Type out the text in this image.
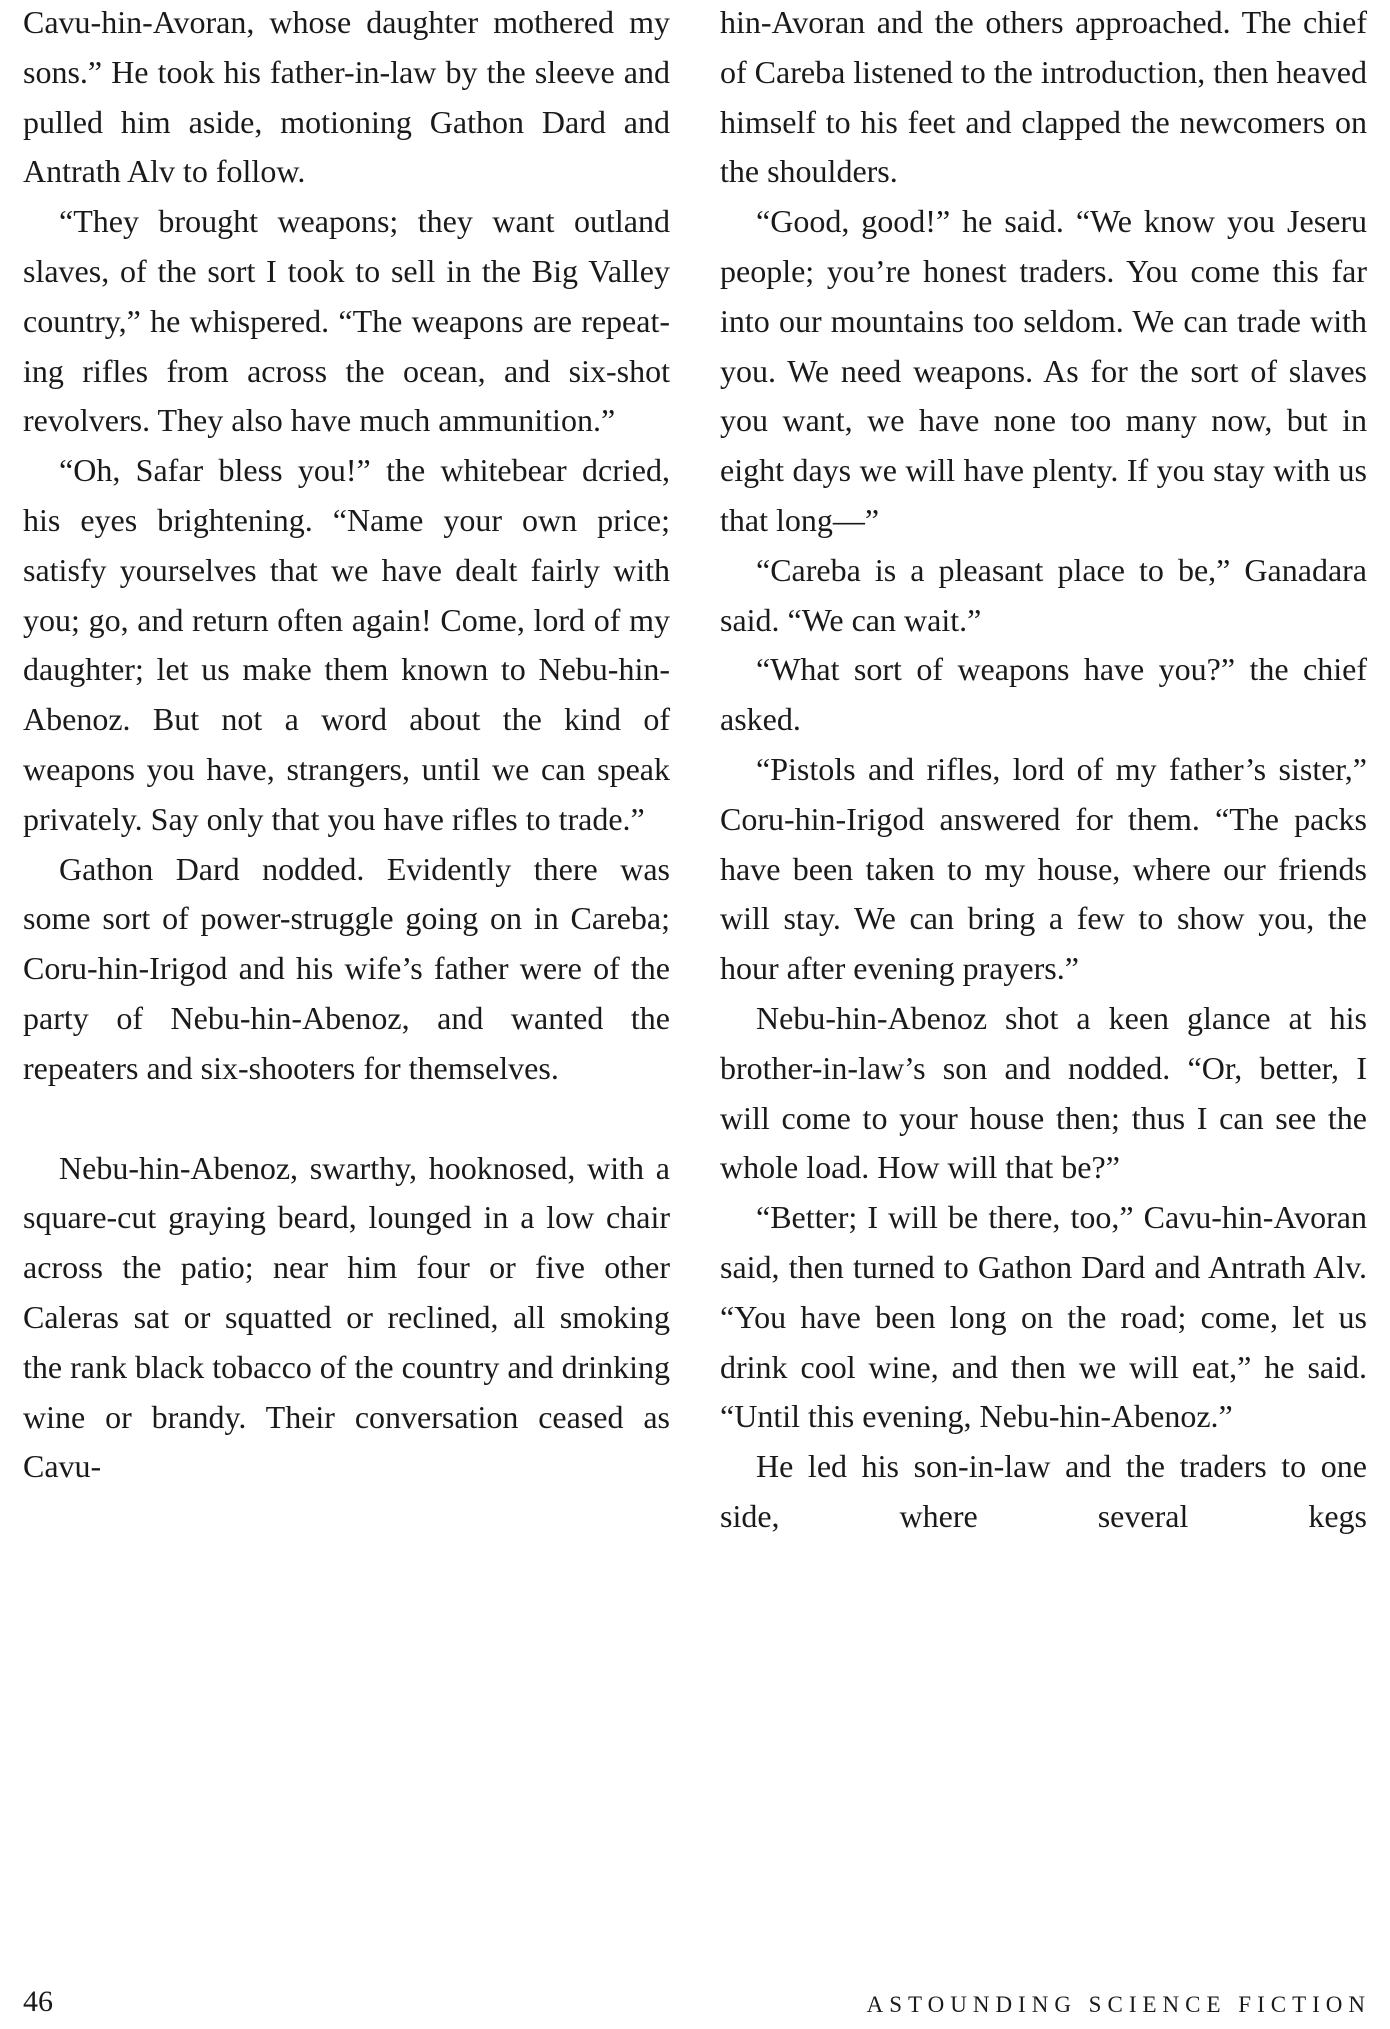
Cavu-hin-Avoran, whose daughter mothered my sons.” He took his father-in-law by the sleeve and pulled him aside, motioning Gathon Dard and Antrath Alv to follow.

“They brought weapons; they want outland slaves, of the sort I took to sell in the Big Valley country,” he whispered. “The weapons are repeating rifles from across the ocean, and six-shot revolvers. They also have much ammunition.”

“Oh, Safar bless you!” the whitebear dcried, his eyes brightening. “Name your own price; satisfy yourselves that we have dealt fairly with you; go, and return often again! Come, lord of my daughter; let us make them known to Nebu-hin-Abenoz. But not a word about the kind of weapons you have, strangers, until we can speak privately. Say only that you have rifles to trade.”

Gathon Dard nodded. Evidently there was some sort of power-struggle going on in Careba; Coru-hin-Irigod and his wife’s father were of the party of Nebu-hin-Abenoz, and wanted the repeaters and six-shooters for themselves.

Nebu-hin-Abenoz, swarthy, hooknosed, with a square-cut graying beard, lounged in a low chair across the patio; near him four or five other Caleras sat or squatted or reclined, all smoking the rank black tobacco of the country and drinking wine or brandy. Their conversation ceased as Cavu-

hin-Avoran and the others approached. The chief of Careba listened to the introduction, then heaved himself to his feet and clapped the newcomers on the shoulders.

“Good, good!” he said. “We know you Jeseru people; you’re honest traders. You come this far into our mountains too seldom. We can trade with you. We need weapons. As for the sort of slaves you want, we have none too many now, but in eight days we will have plenty. If you stay with us that long—”

“Careba is a pleasant place to be,” Ganadara said. “We can wait.”

“What sort of weapons have you?” the chief asked.

“Pistols and rifles, lord of my father’s sister,” Coru-hin-Irigod answered for them. “The packs have been taken to my house, where our friends will stay. We can bring a few to show you, the hour after evening prayers.”

Nebu-hin-Abenoz shot a keen glance at his brother-in-law’s son and nodded. “Or, better, I will come to your house then; thus I can see the whole load. How will that be?”

“Better; I will be there, too,” Cavu-hin-Avoran said, then turned to Gathon Dard and Antrath Alv. “You have been long on the road; come, let us drink cool wine, and then we will eat,” he said. “Until this evening, Nebu-hin-Abenoz.”

He led his son-in-law and the traders to one side, where several kegs

46	ASTOUNDING SCIENCE FICTION
